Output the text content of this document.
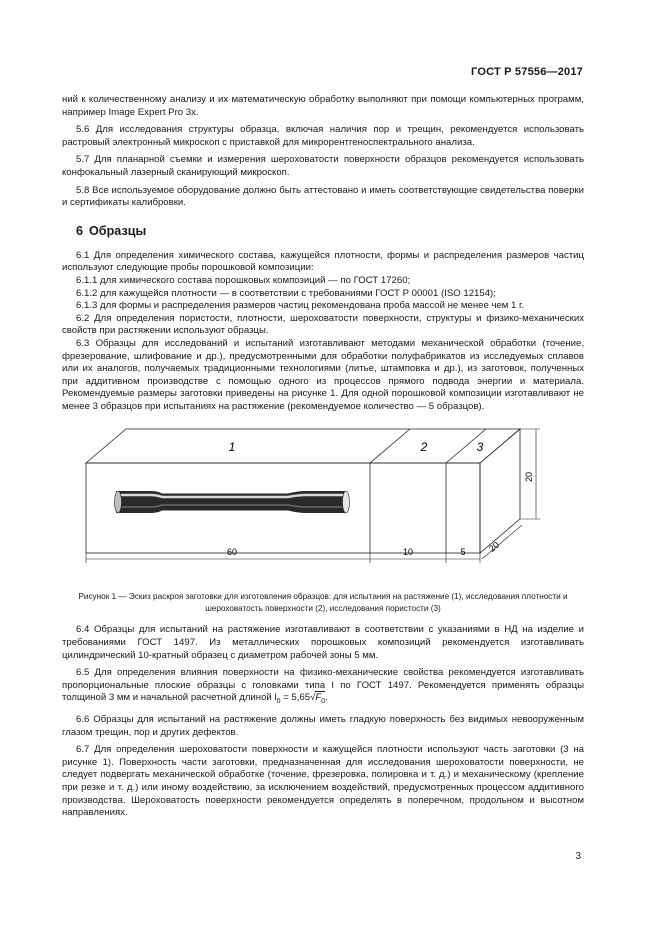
ГОСТ Р 57556—2017

ний к количественному анализу и их математическую обработку выполняют при помощи компьютерных программ, например Image Expert Pro 3x.

5.6 Для исследования структуры образца, включая наличия пор и трещин, рекомендуется использовать растровый электронный микроскоп с приставкой для микрорентгеноспектрального анализа.

5.7 Для планарной съемки и измерения шероховатости поверхности образцов рекомендуется использовать конфокальный лазерный сканирующий микроскоп.

5.8 Все используемое оборудование должно быть аттестовано и иметь соответствующие свидетельства поверки и сертификаты калибровки.

6 Образцы

6.1 Для определения химического состава, кажущейся плотности, формы и распределения размеров частиц используют следующие пробы порошковой композиции:

6.1.1 для химического состава порошковых композиций — по ГОСТ 17260;

6.1.2 для кажущейся плотности — в соответствии с требованиями ГОСТ Р 00001 (ISO 12154);

6.1.3 для формы и распределения размеров частиц рекомендована проба массой не менее чем 1 г.

6.2 Для определения пористости, плотности, шероховатости поверхности, структуры и физико-механических свойств при растяжении используют образцы.

6.3 Образцы для исследований и испытаний изготавливают методами механической обработки (точение, фрезерование, шлифование и др.), предусмотренными для обработки полуфабрикатов из исследуемых сплавов или их аналогов, получаемых традиционными технологиями (литье, штамповка и др.), из заготовок, полученных при аддитивном производстве с помощью одного из процессов прямого подвода энергии и материала. Рекомендуемые размеры заготовки приведены на рисунке 1. Для одной порошковой композиции изготавливают не менее 3 образцов при испытаниях на растяжение (рекомендуемое количество — 5 образцов).

1	2	3
60	10	5
20
20

Рисунок 1 — Эскиз раскроя заготовки для изготовления образцов: для испытания на растяжение (1), исследования плотности и шероховатость поверхности (2), исследования пористости (3)

6.4 Образцы для испытаний на растяжение изготавливают в соответствии с указаниями в НД на изделие и требованиями ГОСТ 1497. Из металлических порошковых композиций рекомендуется изготавливать цилиндрический 10-кратный образец с диаметром рабочей зоны 5 мм.

6.5 Для определения влияния поверхности на физико-механические свойства рекомендуется изготавливать пропорциональные плоские образцы с головками типа I по ГОСТ 1497. Рекомендуется применять образцы толщиной 3 мм и начальной расчетной длиной $l_0 = 5,65√F_0$.

6.6 Образцы для испытаний на растяжение должны иметь гладкую поверхность без видимых невооруженным глазом трещин, пор и других дефектов.

6.7 Для определения шероховатости поверхности и кажущейся плотности используют часть заготовки (3 на рисунке 1). Поверхность части заготовки, предназначенная для исследования шероховатости поверхности, не следует подвергать механической обработке (точение, фрезеровка, полировка и т. д.) и механическому (крепление при резке и т. д.) или иному воздействию, за исключением воздействий, предусмотренных процессом аддитивного производства. Шероховатость поверхности рекомендуется определять в поперечном, продольном и высотном направлениях.

3
